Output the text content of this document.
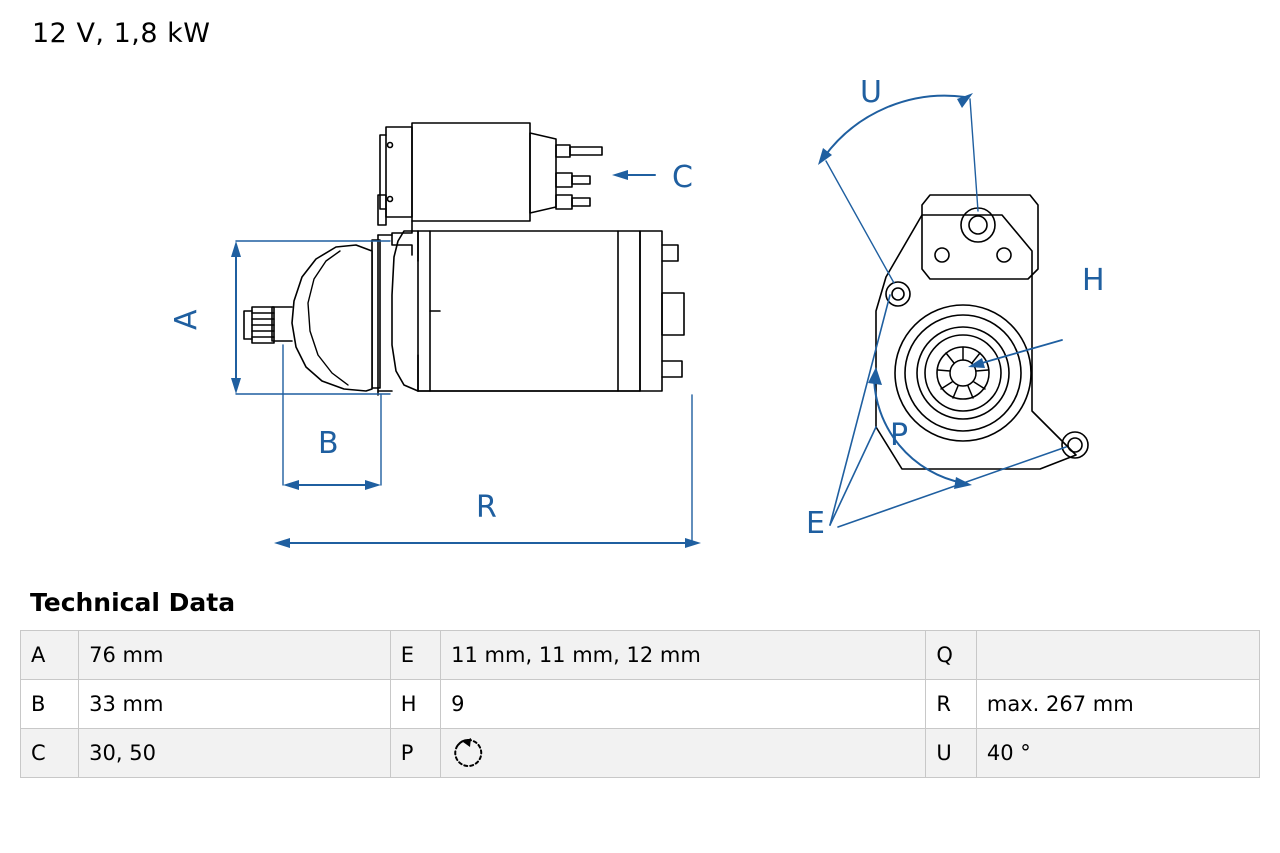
12 V, 1,8 kW
A
B
C
R
U
H
P
E
Technical Data
A	76 mm	E	11 mm, 11 mm, 12 mm	Q	
B	33 mm	H	9	R	max. 267 mm
C	30, 50	P		U	40 °
